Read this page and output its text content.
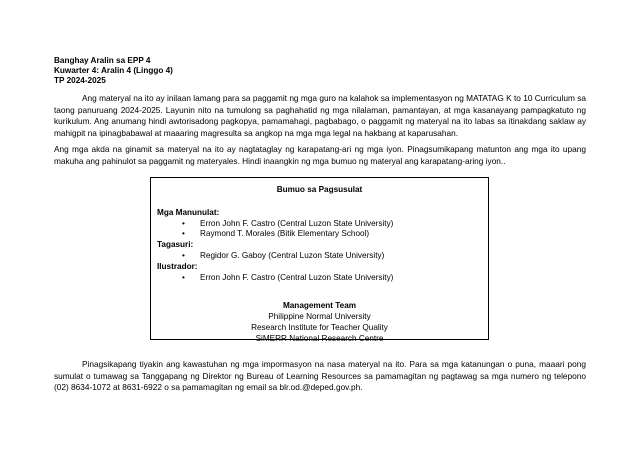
Banghay Aralin sa EPP 4
Kuwarter 4: Aralin 4 (Linggo 4)
TP 2024-2025

Ang materyal na ito ay inilaan lamang para sa paggamit ng mga guro na kalahok sa implementasyon ng MATATAG K to 10 Curriculum sa taong panuruang 2024-2025. Layunin nito na tumulong sa paghahatid ng mga nilalaman, pamantayan, at mga kasanayang pampagkatuto ng kurikulum. Ang anumang hindi awtorisadong pagkopya, pamamahagi, pagbabago, o paggamit ng materyal na ito labas sa itinakdang saklaw ay mahigpit na ipinagbabawal at maaaring magresulta sa angkop na mga mga legal na hakbang at kaparusahan.

Ang mga akda na ginamit sa materyal na ito ay nagtataglay ng karapatang-ari ng mga iyon. Pinagsumikapang matunton ang mga ito upang makuha ang pahinulot sa paggamit ng materyales. Hindi inaangkin ng mga bumuo ng materyal ang karapatang-aring iyon..

Bumuo sa Pagsusulat
Mga Manunulat:
• Erron John F. Castro (Central Luzon State University)
• Raymond T. Morales (Bitik Elementary School)
Tagasuri:
• Regidor G. Gaboy (Central Luzon State University)
Ilustrador:
• Erron John F. Castro (Central Luzon State University)
Management Team
Philippine Normal University
Research Institute for Teacher Quality
SiMERR National Research Centre

Pinagsikapang tiyakin ang kawastuhan ng mga impormasyon na nasa materyal na ito. Para sa mga katanungan o puna, maaari pong sumulat o tumawag sa Tanggapang ng Direktor ng Bureau of Learning Resources sa pamamagitan ng pagtawag sa mga numero ng telepono (02) 8634-1072 at 8631-6922 o sa pamamagitan ng email sa blr.od.@deped.gov.ph.
